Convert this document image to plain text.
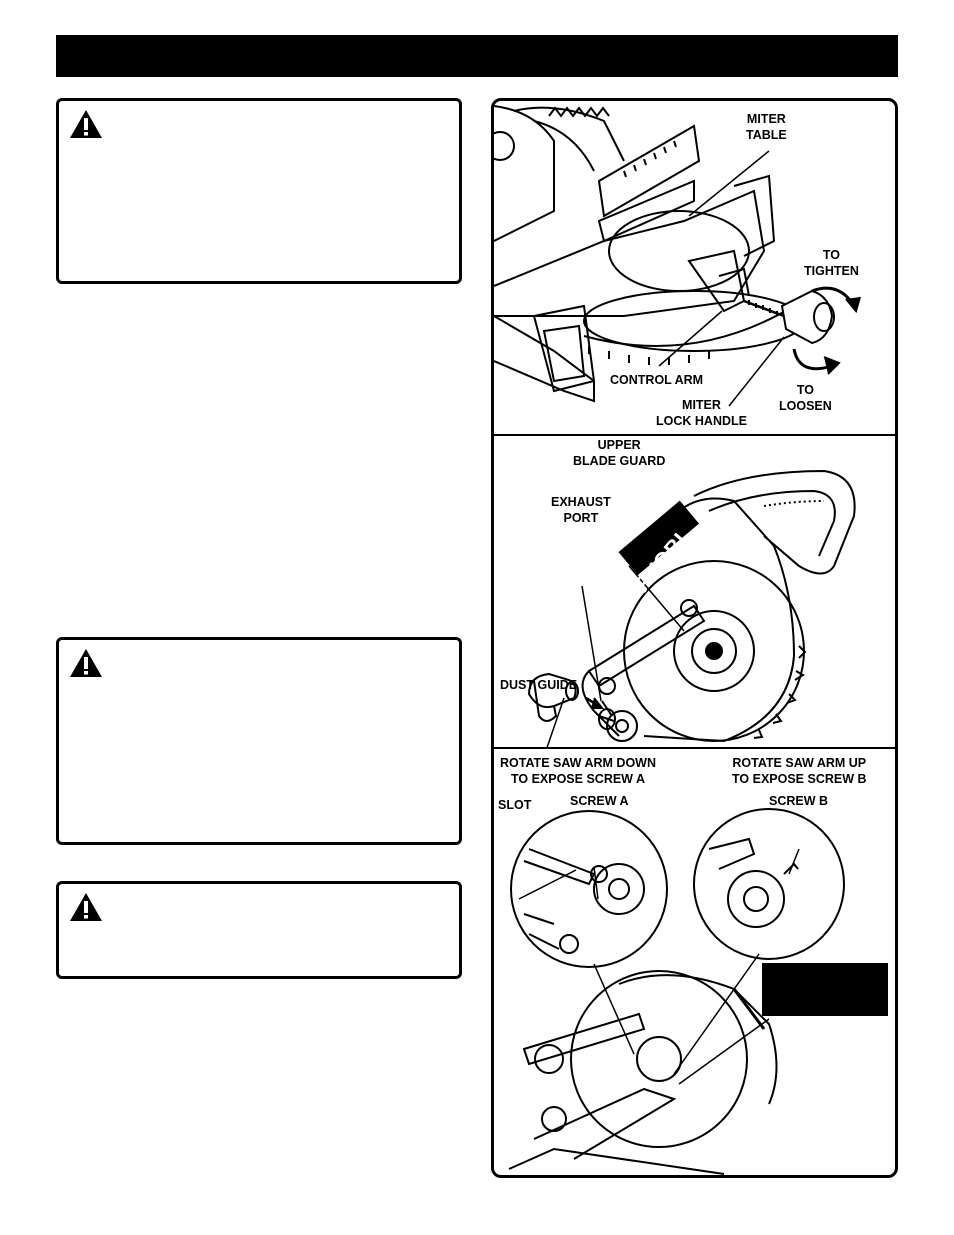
MITER
TABLE
TO
TIGHTEN
CONTROL ARM
MITER
LOCK HANDLE
TO
LOOSEN
RYOBI
UPPER
BLADE GUARD
EXHAUST
PORT
DUST GUIDE
ROTATE SAW ARM DOWN
TO EXPOSE SCREW A
ROTATE SAW ARM UP
TO EXPOSE SCREW B
SLOT	SCREW A	SCREW B
